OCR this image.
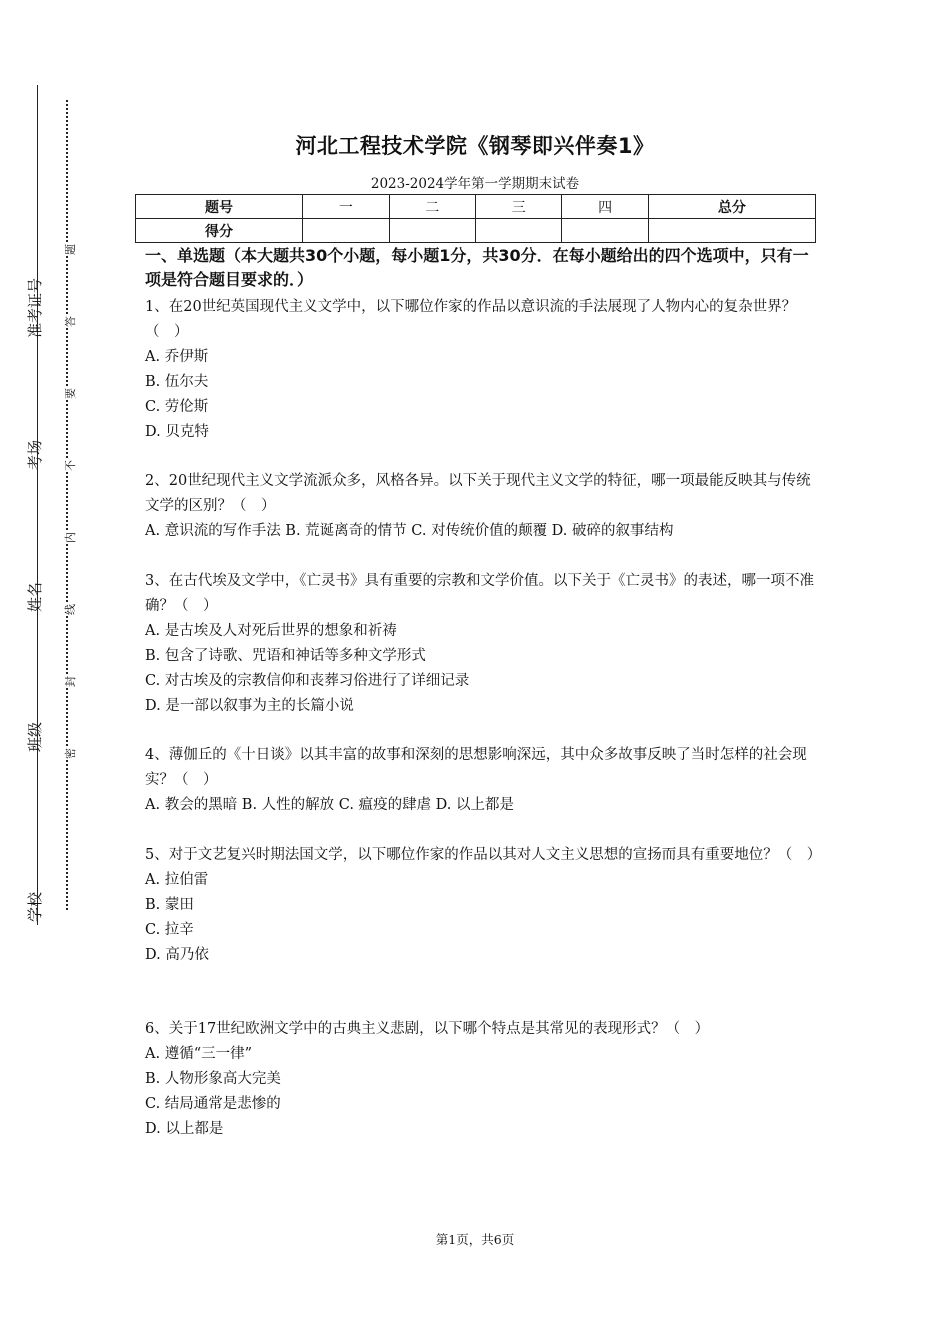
准考证号
考场
姓名
班级
学校
题
答
要
不
内
线
封
密
河北工程技术学院《钢琴即兴伴奏1》
2023-2024学年第一学期期末试卷
题号	一	二	三	四	总分
得分					
一、单选题（本大题共30个小题，每小题1分，共30分．在每小题给出的四个选项中，只有一项是符合题目要求的．）

1、在20世纪英国现代主义文学中，以下哪位作家的作品以意识流的手法展现了人物内心的复杂世界？（　）

A. 乔伊斯

B. 伍尔夫

C. 劳伦斯

D. 贝克特

2、20世纪现代主义文学流派众多，风格各异。以下关于现代主义文学的特征，哪一项最能反映其与传统文学的区别？（　）

A. 意识流的写作手法 B. 荒诞离奇的情节 C. 对传统价值的颠覆 D. 破碎的叙事结构

3、在古代埃及文学中，《亡灵书》具有重要的宗教和文学价值。以下关于《亡灵书》的表述，哪一项不准确？（　）

A. 是古埃及人对死后世界的想象和祈祷

B. 包含了诗歌、咒语和神话等多种文学形式

C. 对古埃及的宗教信仰和丧葬习俗进行了详细记录

D. 是一部以叙事为主的长篇小说

4、薄伽丘的《十日谈》以其丰富的故事和深刻的思想影响深远，其中众多故事反映了当时怎样的社会现实？（　）

A. 教会的黑暗 B. 人性的解放 C. 瘟疫的肆虐 D. 以上都是

5、对于文艺复兴时期法国文学，以下哪位作家的作品以其对人文主义思想的宣扬而具有重要地位？（　）

A. 拉伯雷

B. 蒙田

C. 拉辛

D. 高乃依

6、关于17世纪欧洲文学中的古典主义悲剧，以下哪个特点是其常见的表现形式？（　）

A. 遵循“三一律”

B. 人物形象高大完美

C. 结局通常是悲惨的

D. 以上都是

第1页，共6页
